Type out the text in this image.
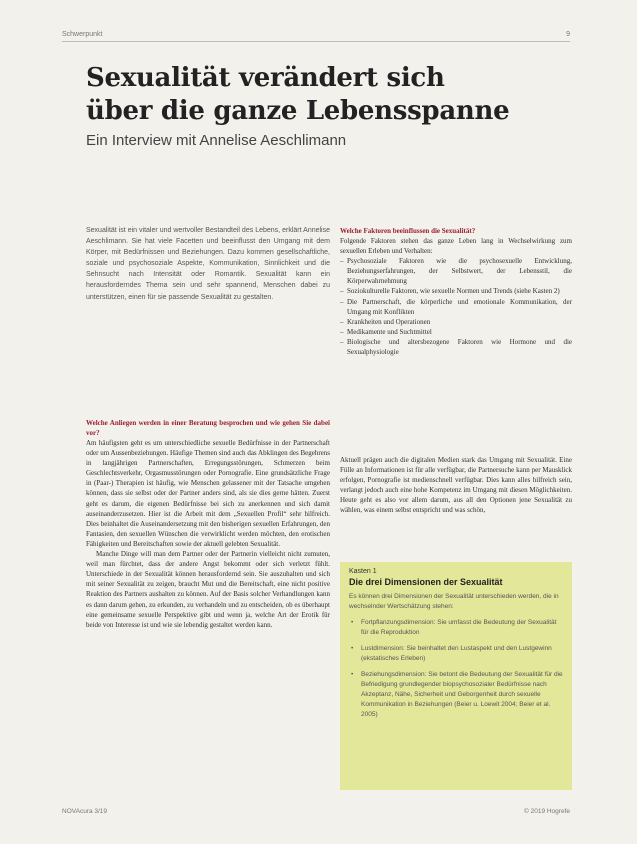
Schwerpunkt	9
Sexualität verändert sich
über die ganze Lebensspanne

Ein Interview mit Annelise Aeschlimann

Sexualität ist ein vitaler und wertvoller Bestandteil des Lebens, erklärt Annelise Aeschlimann. Sie hat viele Facetten und beeinflusst den Umgang mit dem Körper, mit Bedürfnissen und Beziehungen. Dazu kommen gesellschaftliche, soziale und psychosoziale Aspekte, Kommunikation, Sinnlichkeit und die Sehnsucht nach Intensität oder Romantik. Sexualität kann ein herausforderndes Thema sein und sehr spannend, Menschen dabei zu unterstützen, einen für sie passende Sexualität zu gestalten.

Welche Faktoren beeinflussen die Sexualität?

Folgende Faktoren stehen das ganze Leben lang in Wechselwirkung zum sexuellen Erleben und Verhalten:

– Psychosoziale Faktoren wie die psychosexuelle Entwicklung, Beziehungserfahrungen, der Selbstwert, der Lebensstil, die Körperwahrnehmung
– Soziokulturelle Faktoren, wie sexuelle Normen und Trends (siehe Kasten 2)
– Die Partnerschaft, die körperliche und emotionale Kommunikation, der Umgang mit Konflikten
– Krankheiten und Operationen
– Medikamente und Suchtmittel
– Biologische und altersbezogene Faktoren wie Hormone und die Sexualphysiologie

Welche Anliegen werden in einer Beratung besprochen und wie gehen Sie dabei vor?

Am häufigsten geht es um unterschiedliche sexuelle Bedürfnisse in der Partnerschaft oder um Aussenbeziehungen. Häufige Themen sind auch das Abklingen des Begehrens in langjährigen Partnerschaften, Erregungsstörungen, Schmerzen beim Geschlechtsverkehr, Orgasmusstörungen oder Pornografie. Eine grundsätzliche Frage in (Paar-) Therapien ist häufig, wie Menschen gelassener mit der Tatsache umgehen können, dass sie selbst oder der Partner anders sind, als sie dies gerne hätten. Zuerst geht es darum, die eigenen Bedürfnisse bei sich zu anerkennen und sich damit auseinanderzusetzen. Hier ist die Arbeit mit dem „Sexuellen Profil“ sehr hilfreich. Dies beinhaltet die Auseinandersetzung mit den bisherigen sexuellen Erfahrungen, den Fantasien, den sexuellen Wünschen die verwirklicht werden möchten, den erotischen Fähigkeiten und Bereitschaften sowie der aktuell gelebten Sexualität.

Manche Dinge will man dem Partner oder der Partnerin vielleicht nicht zumuten, weil man fürchtet, dass der andere Angst bekommt oder sich verletzt fühlt. Unterschiede in der Sexualität können herausfordernd sein. Sie auszuhalten und sich mit seiner Sexualität zu zeigen, braucht Mut und die Bereitschaft, eine nicht positive Reaktion des Partners aushalten zu können. Auf der Basis solcher Verhandlungen kann es dann darum gehen, zu erkunden, zu verhandeln und zu entscheiden, ob es überhaupt eine gemeinsame sexuelle Perspektive gibt und wenn ja, welche Art der Erotik für beide von Interesse ist und wie sie lebendig gestaltet werden kann.

Aktuell prägen auch die digitalen Medien stark das Umgang mit Sexualität. Eine Fülle an Informationen ist für alle verfügbar, die Partnersuche kann per Mausklick erfolgen, Pornografie ist medienschnell verfügbar. Dies kann alles hilfreich sein, verlangt jedoch auch eine hohe Kompetenz im Umgang mit diesen Möglichkeiten. Heute geht es also vor allem darum, aus all den Optionen jene Sexualität zu wählen, was einem selbst entspricht und was schön,

Kasten 1

Die drei Dimensionen der Sexualität

Es können drei Dimensionen der Sexualität unterschieden werden, die in wechselnder Wertschätzung stehen:

• Fortpflanzungsdimension: Sie umfasst die Bedeutung der Sexualität für die Reproduktion
• Lustdimension: Sie beinhaltet den Lustaspekt und den Lustgewinn (ekstatisches Erleben)
• Beziehungsdimension: Sie betont die Bedeutung der Sexualität für die Befriedigung grundlegender biopsychosozialer Bedürfnisse nach Akzeptanz, Nähe, Sicherheit und Geborgenheit durch sexuelle Kommunikation in Beziehungen (Beier u. Loewit 2004; Beier et al. 2005)
NOVAcura 3/19	© 2019 Hogrefe
